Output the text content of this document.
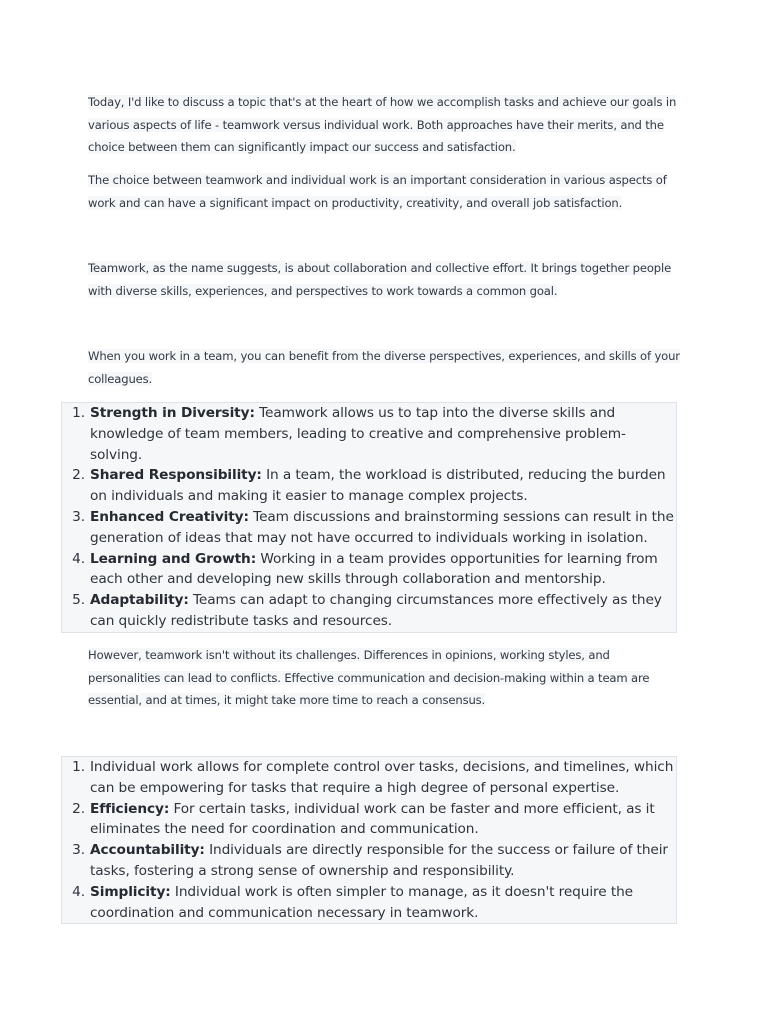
Today, I'd like to discuss a topic that's at the heart of how we accomplish tasks and achieve our goals in various aspects of life - teamwork versus individual work. Both approaches have their merits, and the choice between them can significantly impact our success and satisfaction.
The choice between teamwork and individual work is an important consideration in various aspects of work and can have a significant impact on productivity, creativity, and overall job satisfaction.
Teamwork, as the name suggests, is about collaboration and collective effort. It brings together people with diverse skills, experiences, and perspectives to work towards a common goal.
When you work in a team, you can benefit from the diverse perspectives, experiences, and skills of your colleagues.
1. Strength in Diversity: Teamwork allows us to tap into the diverse skills and knowledge of team members, leading to creative and comprehensive problem-solving.
2. Shared Responsibility: In a team, the workload is distributed, reducing the burden on individuals and making it easier to manage complex projects.
3. Enhanced Creativity: Team discussions and brainstorming sessions can result in the generation of ideas that may not have occurred to individuals working in isolation.
4. Learning and Growth: Working in a team provides opportunities for learning from each other and developing new skills through collaboration and mentorship.
5. Adaptability: Teams can adapt to changing circumstances more effectively as they can quickly redistribute tasks and resources.
However, teamwork isn't without its challenges. Differences in opinions, working styles, and personalities can lead to conflicts. Effective communication and decision-making within a team are essential, and at times, it might take more time to reach a consensus.
1. Individual work allows for complete control over tasks, decisions, and timelines, which can be empowering for tasks that require a high degree of personal expertise.
2. Efficiency: For certain tasks, individual work can be faster and more efficient, as it eliminates the need for coordination and communication.
3. Accountability: Individuals are directly responsible for the success or failure of their tasks, fostering a strong sense of ownership and responsibility.
4. Simplicity: Individual work is often simpler to manage, as it doesn't require the coordination and communication necessary in teamwork.
